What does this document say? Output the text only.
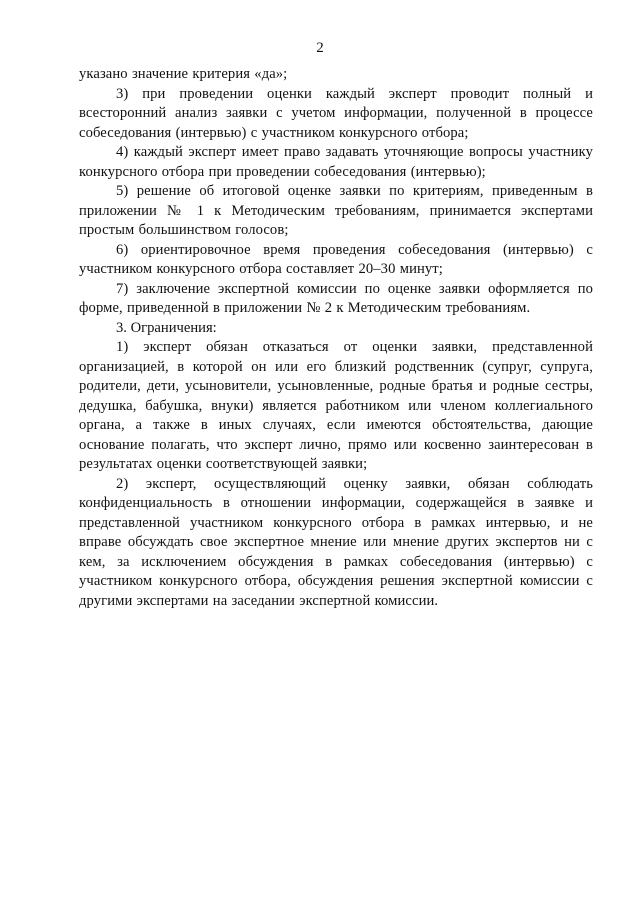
2

указано значение критерия «да»;

3) при проведении оценки каждый эксперт проводит полный и всесторонний анализ заявки с учетом информации, полученной в процессе собеседования (интервью) с участником конкурсного отбора;

4) каждый эксперт имеет право задавать уточняющие вопросы участнику конкурсного отбора при проведении собеседования (интервью);

5) решение об итоговой оценке заявки по критериям, приведенным в приложении № 1 к Методическим требованиям, принимается экспертами простым большинством голосов;

6) ориентировочное время проведения собеседования (интервью) с участником конкурсного отбора составляет 20–30 минут;

7) заключение экспертной комиссии по оценке заявки оформляется по форме, приведенной в приложении № 2 к Методическим требованиям.

3. Ограничения:

1) эксперт обязан отказаться от оценки заявки, представленной организацией, в которой он или его близкий родственник (супруг, супруга, родители, дети, усыновители, усыновленные, родные братья и родные сестры, дедушка, бабушка, внуки) является работником или членом коллегиального органа, а также в иных случаях, если имеются обстоятельства, дающие основание полагать, что эксперт лично, прямо или косвенно заинтересован в результатах оценки соответствующей заявки;

2) эксперт, осуществляющий оценку заявки, обязан соблюдать конфиденциальность в отношении информации, содержащейся в заявке и представленной участником конкурсного отбора в рамках интервью, и не вправе обсуждать свое экспертное мнение или мнение других экспертов ни с кем, за исключением обсуждения в рамках собеседования (интервью) с участником конкурсного отбора, обсуждения решения экспертной комиссии с другими экспертами на заседании экспертной комиссии.
